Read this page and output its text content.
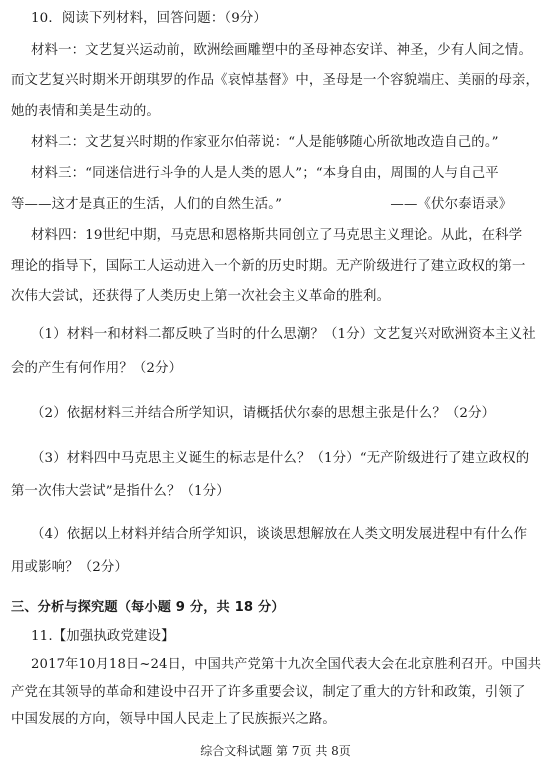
10．阅读下列材料，回答问题：（9分）
材料一：文艺复兴运动前，欧洲绘画雕塑中的圣母神态安详、神圣，少有人间之情。
而文艺复兴时期米开朗琪罗的作品《哀悼基督》中，圣母是一个容貌端庄、美丽的母亲，
她的表情和美是生动的。
材料二：文艺复兴时期的作家亚尔伯蒂说：“人是能够随心所欲地改造自己的。”
材料三：“同迷信进行斗争的人是人类的恩人”；“本身自由，周围的人与自己平
等——这才是真正的生活，人们的自然生活。”　　　　　　　　——《伏尔泰语录》
材料四：19世纪中期，马克思和恩格斯共同创立了马克思主义理论。从此，在科学
理论的指导下，国际工人运动进入一个新的历史时期。无产阶级进行了建立政权的第一
次伟大尝试，还获得了人类历史上第一次社会主义革命的胜利。
（1）材料一和材料二都反映了当时的什么思潮？（1分）文艺复兴对欧洲资本主义社
会的产生有何作用？（2分）
（2）依据材料三并结合所学知识，请概括伏尔泰的思想主张是什么？（2分）
（3）材料四中马克思主义诞生的标志是什么？（1分）“无产阶级进行了建立政权的
第一次伟大尝试”是指什么？（1分）
（4）依据以上材料并结合所学知识，谈谈思想解放在人类文明发展进程中有什么作
用或影响？（2分）
三、分析与探究题（每小题 9 分，共 18 分）
11.【加强执政党建设】
2017年10月18日~24日，中国共产党第十九次全国代表大会在北京胜利召开。中国共
产党在其领导的革命和建设中召开了许多重要会议，制定了重大的方针和政策，引领了
中国发展的方向，领导中国人民走上了民族振兴之路。
综合文科试题 第 7页 共 8页
